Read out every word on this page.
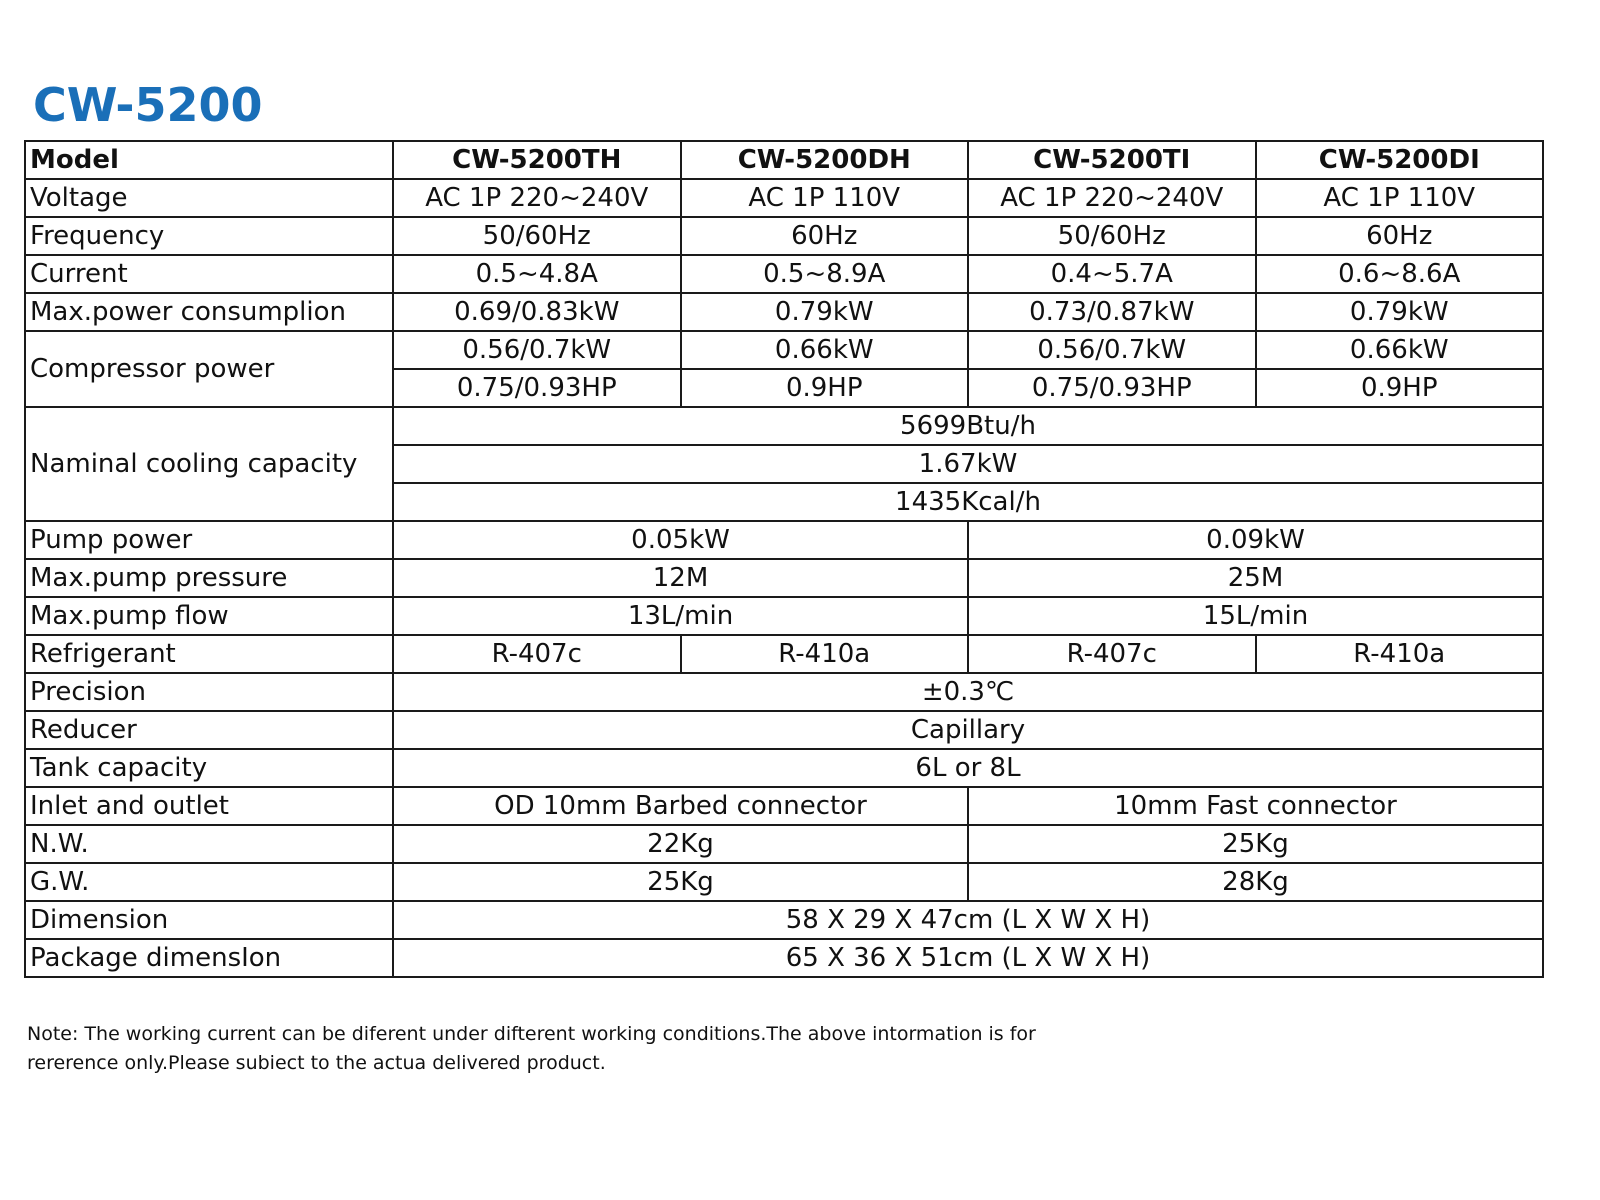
CW-5200
Model	CW-5200TH	CW-5200DH	CW-5200TI	CW-5200DI
Voltage	AC 1P 220~240V	AC 1P 110V	AC 1P 220~240V	AC 1P 110V
Frequency	50/60Hz	60Hz	50/60Hz	60Hz
Current	0.5~4.8A	0.5~8.9A	0.4~5.7A	0.6~8.6A
Max.power consumplion	0.69/0.83kW	0.79kW	0.73/0.87kW	0.79kW
Compressor power	0.56/0.7kW	0.66kW	0.56/0.7kW	0.66kW
	0.75/0.93HP	0.9HP	0.75/0.93HP	0.9HP
Naminal cooling capacity	5699Btu/h			
	1.67kW			
	1435Kcal/h			
Pump power	0.05kW		0.09kW	
Max.pump pressure	12M		25M	
Max.pump flow	13L/min		15L/min	
Refrigerant	R-407c	R-410a	R-407c	R-410a
Precision	±0.3℃			
Reducer	Capillary			
Tank capacity	6L or 8L			
Inlet and outlet	OD 10mm Barbed connector		10mm Fast connector	
N.W.	22Kg		25Kg	
G.W.	25Kg		28Kg	
Dimension	58 X 29 X 47cm (L X W X H)			
Package dimensIon	65 X 36 X 51cm (L X W X H)			
Note: The working current can be diferent under difterent working conditions.The above intormation is for
rererence only.Please subiect to the actua delivered product.
